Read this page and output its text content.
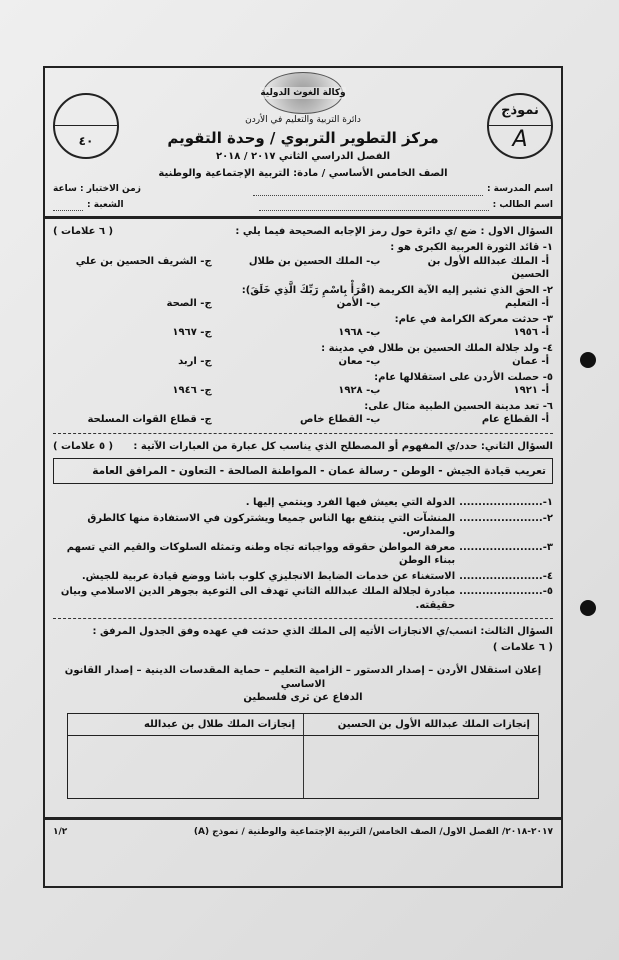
نموذج
A
وكالة الغوث الدولية
دائرة التربية والتعليم في الأردن
مركز التطوير التربوي / وحدة التقويم
الفصل الدراسي الثاني ٢٠١٧ / ٢٠١٨
الصف الخامس الأساسي / مادة: التربية الإجتماعية والوطنية
٤٠
اسم المدرسة :
زمن الاختبار : ساعة
اسم الطالب :
الشعبة :
السؤال الاول : ضع /ي دائرة حول رمز الإجابه الصحيحة فيما يلي :
( ٦ علامات )
١- قائد الثورة العربية الكبرى هو :
أ- الملك عبدالله الأول بن الحسين
ب- الملك الحسين بن طلال
ج- الشريف الحسين بن علي
٢- الحق الذي تشير إليه الآية الكريمة (اقْرَأْ بِاسْمِ رَبِّكَ الَّذِي خَلَقَ):
أ- التعليم
ب- الأمن
ج- الصحة
٣- حدثت معركة الكرامة في عام:
أ- ١٩٥٦
ب- ١٩٦٨
ج- ١٩٦٧
٤- ولد جلالة الملك الحسين بن طلال في مدينة :
أ- عمان
ب- معان
ج- اربد
٥- حصلت الأردن على استقلالها عام:
أ- ١٩٢١
ب- ١٩٢٨
ج- ١٩٤٦
٦- تعد مدينة الحسين الطبية مثال على:
أ- القطاع عام
ب- القطاع خاص
ج- قطاع القوات المسلحة
السؤال الثاني: حدد/ي المفهوم أو المصطلح الذي يناسب كل عبارة من العبارات الآتية :
( ٥ علامات )
تعريب قيادة الجيش - الوطن - رسالة عمان - المواطنة الصالحة - التعاون - المرافق العامة
١-......................
الدولة التي يعيش فيها الفرد وينتمي إليها .
٢-......................
المنشآت التي ينتفع بها الناس جميعا ويشتركون في الاستفادة منها كالطرق والمدارس.
٣-......................
معرفة المواطن حقوقه وواجباته تجاه وطنه وتمثله السلوكات والقيم التي تسهم ببناء الوطن
٤-......................
الاستغناء عن خدمات الضابط الانجليزي كلوب باشا ووضع قيادة عربية للجيش.
٥-......................
مبادرة لجلالة الملك عبدالله الثاني تهدف الى التوعية بجوهر الدين الاسلامي وبيان حقيقته.
السؤال الثالث: انسب/ي الانجازات الأتيه إلى الملك الذي حدثت في عهده وفق الجدول المرفق :
( ٦ علامات )
إعلان استقلال الأردن – إصدار الدستور – الزامية التعليم – حماية المقدسات الدينية – إصدار القانون الاساسي
الدفاع عن ثرى فلسطين
إنجازات الملك عبدالله الأول بن الحسين
إنجازات الملك طلال بن عبدالله
٢٠١٧-٢٠١٨/ الفصل الاول/ الصف الخامس/ التربية الإجتماعية والوطنية / نموذج (A)
١/٢
